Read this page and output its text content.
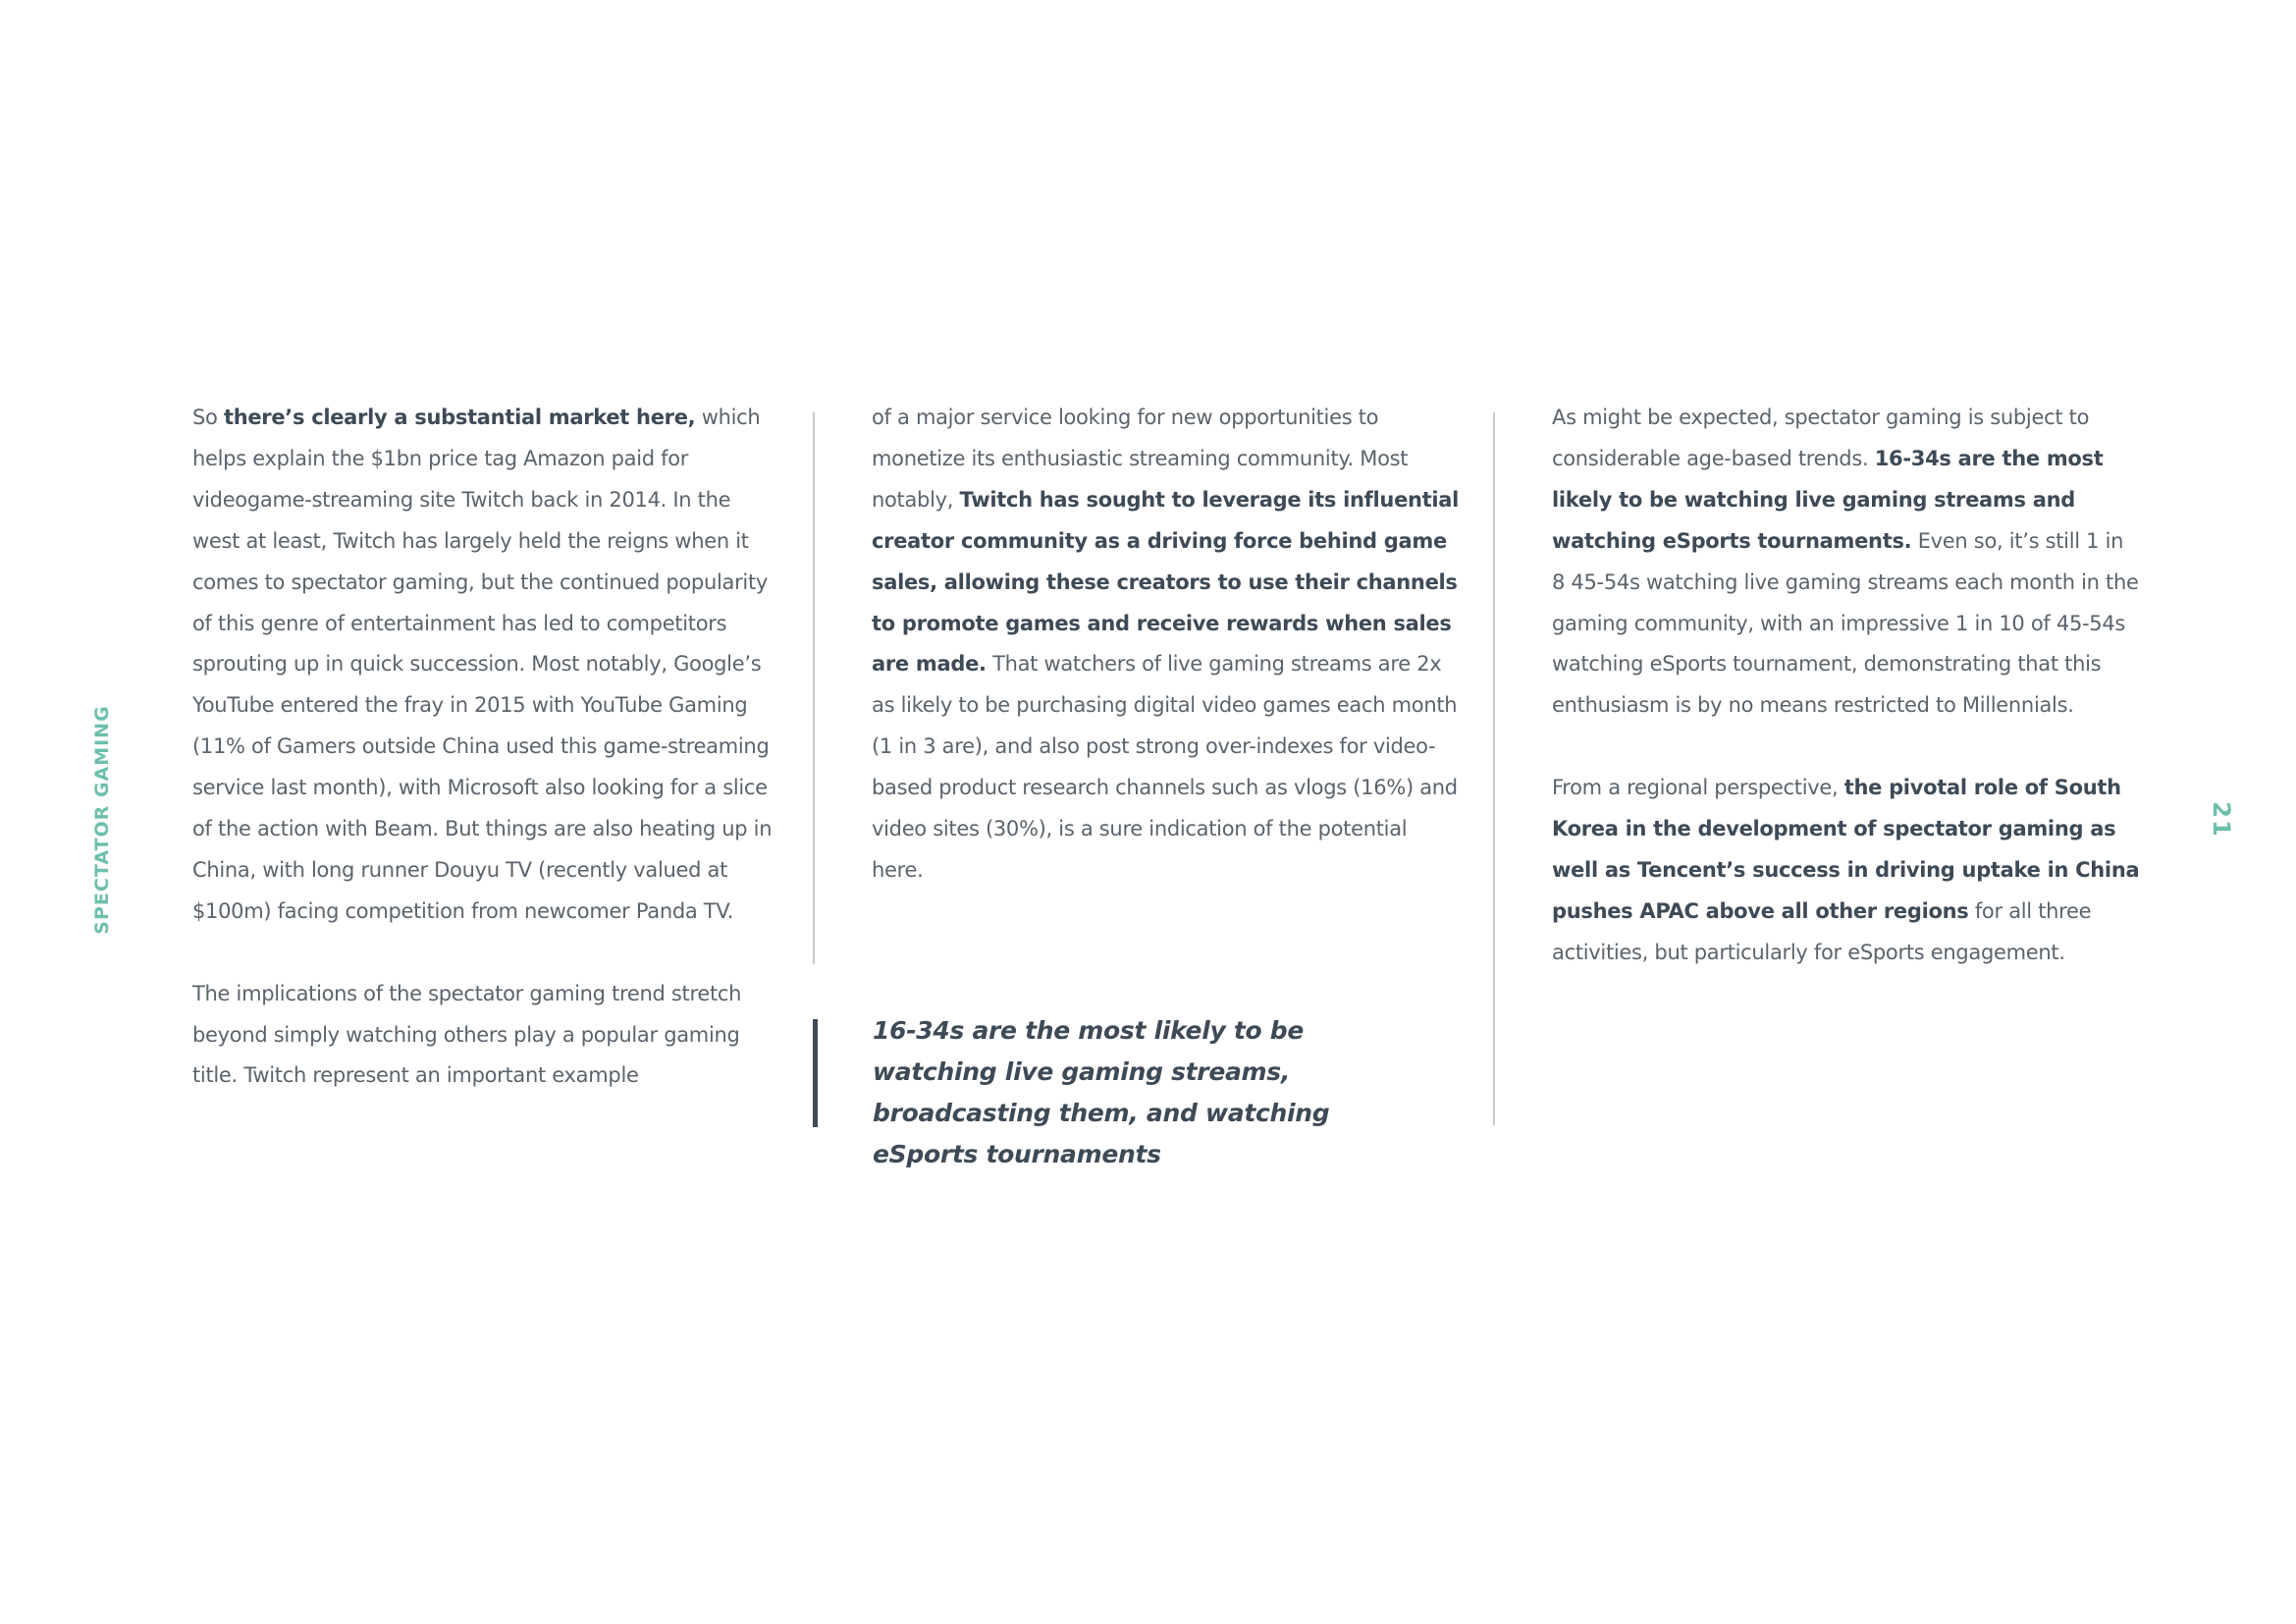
SPECTATOR GAMING	21

So there’s clearly a substantial market here, which helps explain the $1bn price tag Amazon paid for videogame-streaming site Twitch back in 2014. In the west at least, Twitch has largely held the reigns when it comes to spectator gaming, but the continued popularity of this genre of entertainment has led to competitors sprouting up in quick succession. Most notably, Google’s YouTube entered the fray in 2015 with YouTube Gaming (11% of Gamers outside China used this game-streaming service last month), with Microsoft also looking for a slice of the action with Beam. But things are also heating up in China, with long runner Douyu TV (recently valued at $100m) facing competition from newcomer Panda TV.

The implications of the spectator gaming trend stretch beyond simply watching others play a popular gaming title. Twitch represent an important example

of a major service looking for new opportunities to monetize its enthusiastic streaming community. Most notably, Twitch has sought to leverage its influential creator community as a driving force behind game sales, allowing these creators to use their channels to promote games and receive rewards when sales are made. That watchers of live gaming streams are 2x as likely to be purchasing digital video games each month (1 in 3 are), and also post strong over-indexes for video-based product research channels such as vlogs (16%) and video sites (30%), is a sure indication of the potential here.

16-34s are the most likely to be watching live gaming streams, broadcasting them, and watching eSports tournaments

As might be expected, spectator gaming is subject to considerable age-based trends. 16-34s are the most likely to be watching live gaming streams and watching eSports tournaments. Even so, it’s still 1 in 8 45-54s watching live gaming streams each month in the gaming community, with an impressive 1 in 10 of 45-54s watching eSports tournament, demonstrating that this enthusiasm is by no means restricted to Millennials.

From a regional perspective, the pivotal role of South Korea in the development of spectator gaming as well as Tencent’s success in driving uptake in China pushes APAC above all other regions for all three activities, but particularly for eSports engagement.
